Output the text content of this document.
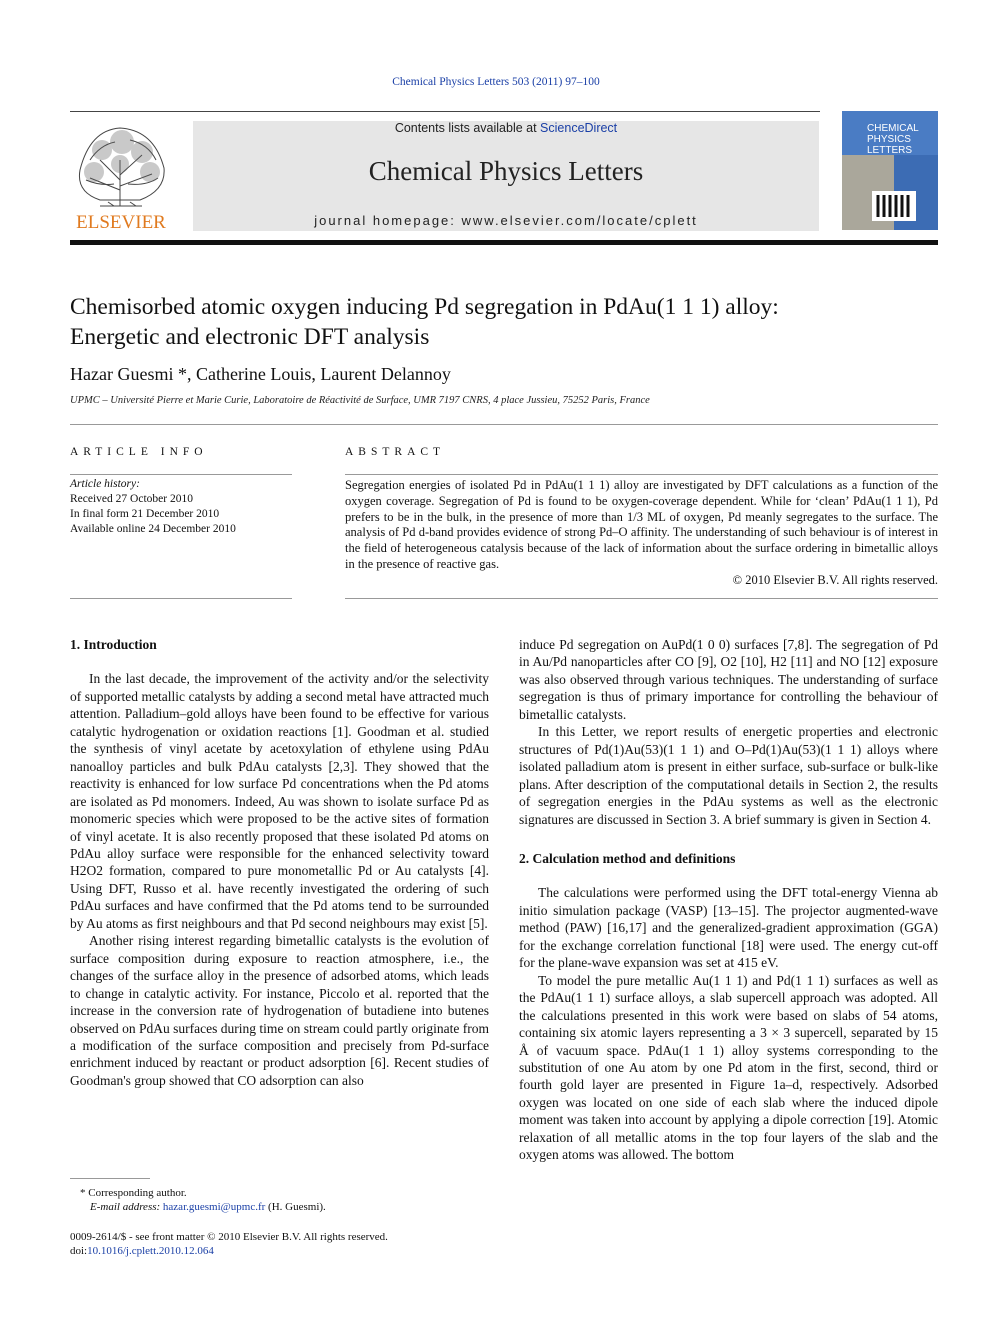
Chemical Physics Letters 503 (2011) 97–100
ELSEVIER
Contents lists available at ScienceDirect
Chemical Physics Letters
journal homepage: www.elsevier.com/locate/cplett
CHEMICAL
PHYSICS
LETTERS
Chemisorbed atomic oxygen inducing Pd segregation in PdAu(1 1 1) alloy:
Energetic and electronic DFT analysis
Hazar Guesmi *, Catherine Louis, Laurent Delannoy
UPMC – Université Pierre et Marie Curie, Laboratoire de Réactivité de Surface, UMR 7197 CNRS, 4 place Jussieu, 75252 Paris, France
ARTICLE INFO
Article history:
Received 27 October 2010
In final form 21 December 2010
Available online 24 December 2010
ABSTRACT
Segregation energies of isolated Pd in PdAu(1 1 1) alloy are investigated by DFT calculations as a function of the oxygen coverage. Segregation of Pd is found to be oxygen-coverage dependent. While for ‘clean’ PdAu(1 1 1), Pd prefers to be in the bulk, in the presence of more than 1/3 ML of oxygen, Pd meanly segregates to the surface. The analysis of Pd d-band provides evidence of strong Pd–O affinity. The understanding of such behaviour is of interest in the field of heterogeneous catalysis because of the lack of information about the surface ordering in bimetallic alloys in the presence of reactive gas.
© 2010 Elsevier B.V. All rights reserved.
1. Introduction

In the last decade, the improvement of the activity and/or the selectivity of supported metallic catalysts by adding a second metal have attracted much attention. Palladium–gold alloys have been found to be effective for various catalytic hydrogenation or oxidation reactions [1]. Goodman et al. studied the synthesis of vinyl acetate by acetoxylation of ethylene using PdAu nanoalloy particles and bulk PdAu catalysts [2,3]. They showed that the reactivity is enhanced for low surface Pd concentrations when the Pd atoms are isolated as Pd monomers. Indeed, Au was shown to isolate surface Pd as monomeric species which were proposed to be the active sites of formation of vinyl acetate. It is also recently proposed that these isolated Pd atoms on PdAu alloy surface were responsible for the enhanced selectivity toward H2O2 formation, compared to pure monometallic Pd or Au catalysts [4]. Using DFT, Russo et al. have recently investigated the ordering of such PdAu surfaces and have confirmed that the Pd atoms tend to be surrounded by Au atoms as first neighbours and that Pd second neighbours may exist [5].

Another rising interest regarding bimetallic catalysts is the evolution of surface composition during exposure to reaction atmosphere, i.e., the changes of the surface alloy in the presence of adsorbed atoms, which leads to change in catalytic activity. For instance, Piccolo et al. reported that the increase in the conversion rate of hydrogenation of butadiene into butenes observed on PdAu surfaces during time on stream could partly originate from a modification of the surface composition and precisely from Pd-surface enrichment induced by reactant or product adsorption [6]. Recent studies of Goodman's group showed that CO adsorption can also

induce Pd segregation on AuPd(1 0 0) surfaces [7,8]. The segregation of Pd in Au/Pd nanoparticles after CO [9], O2 [10], H2 [11] and NO [12] exposure was also observed through various techniques. The understanding of surface segregation is thus of primary importance for controlling the behaviour of bimetallic catalysts.

In this Letter, we report results of energetic properties and electronic structures of Pd(1)Au(53)(1 1 1) and O–Pd(1)Au(53)(1 1 1) alloys where isolated palladium atom is present in either surface, sub-surface or bulk-like plans. After description of the computational details in Section 2, the results of segregation energies in the PdAu systems as well as the electronic signatures are discussed in Section 3. A brief summary is given in Section 4.

2. Calculation method and definitions

The calculations were performed using the DFT total-energy Vienna ab initio simulation package (VASP) [13–15]. The projector augmented-wave method (PAW) [16,17] and the generalized-gradient approximation (GGA) for the exchange correlation functional [18] were used. The energy cut-off for the plane-wave expansion was set at 415 eV.

To model the pure metallic Au(1 1 1) and Pd(1 1 1) surfaces as well as the PdAu(1 1 1) surface alloys, a slab supercell approach was adopted. All the calculations presented in this work were based on slabs of 54 atoms, containing six atomic layers representing a 3 × 3 supercell, separated by 15 Å of vacuum space. PdAu(1 1 1) alloy systems corresponding to the substitution of one Au atom by one Pd atom in the first, second, third or fourth gold layer are presented in Figure 1a–d, respectively. Adsorbed oxygen was located on one side of each slab where the induced dipole moment was taken into account by applying a dipole correction [19]. Atomic relaxation of all metallic atoms in the top four layers of the slab and the oxygen atoms was allowed. The bottom

* Corresponding author.
E-mail address: hazar.guesmi@upmc.fr (H. Guesmi).
0009-2614/$ - see front matter © 2010 Elsevier B.V. All rights reserved.
doi:10.1016/j.cplett.2010.12.064
